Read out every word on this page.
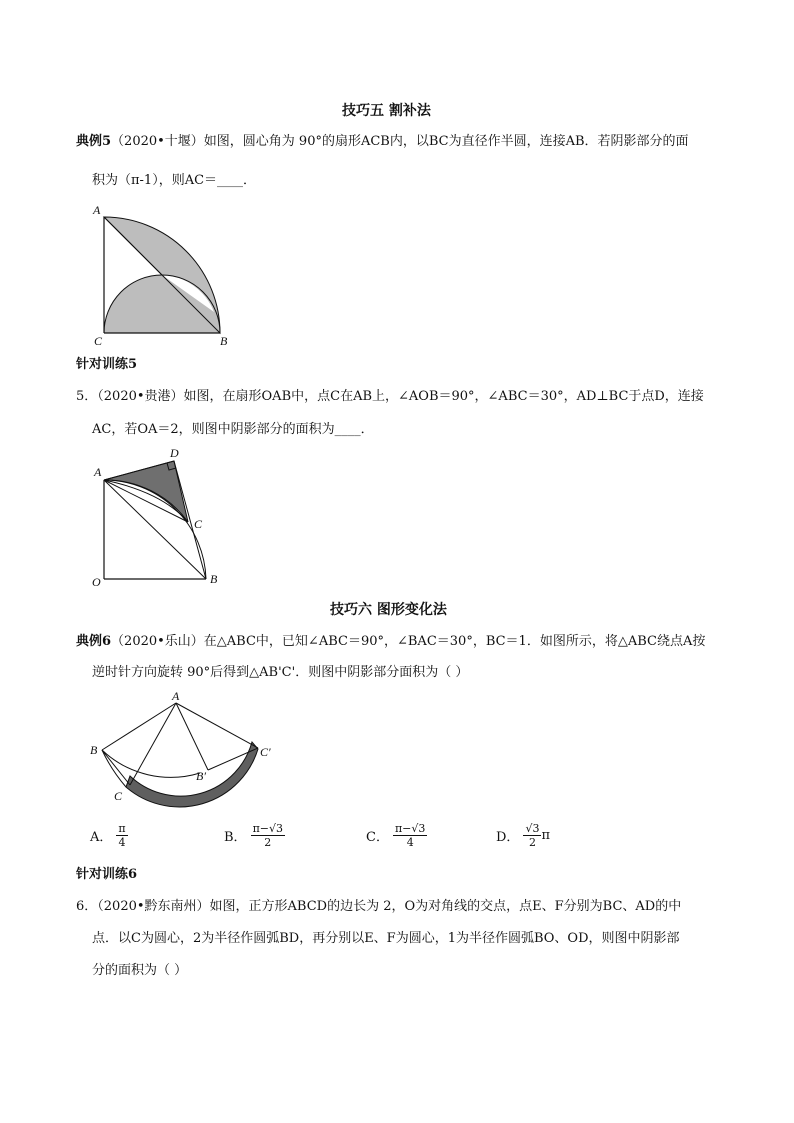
技巧五 割补法
典例5（2020•十堰）如图，圆心角为 90°的扇形ACB内，以BC为直径作半圆，连接AB．若阴影部分的面
积为（π-1），则AC＝____．
A
C	B
针对训练5
5．（2020•贵港）如图，在扇形OAB中，点C在AB上，∠AOB＝90°，∠ABC＝30°，AD⊥BC于点D，连接
AC，若OA＝2，则图中阴影部分的面积为____．
A
D
C
O	B
技巧六 图形变化法
典例6（2020•乐山）在△ABC中，已知∠ABC＝90°，∠BAC＝30°，BC＝1．如图所示，将△ABC绕点A按
逆时针方向旋转 90°后得到△AB'C'．则图中阴影部分面积为（ ）
A
B
C
B′
C′
A． $\frac{\pi}{4}$	B． $\frac{\pi-√3}{2}$	C． $\frac{\pi-√3}{4}$	D． $\frac{√3}{2}$ π
针对训练6
6．（2020•黔东南州）如图，正方形ABCD的边长为 2，O为对角线的交点，点E、F分别为BC、AD的中
点．以C为圆心，2为半径作圆弧BD，再分别以E、F为圆心，1为半径作圆弧BO、OD，则图中阴影部
分的面积为（ ）
